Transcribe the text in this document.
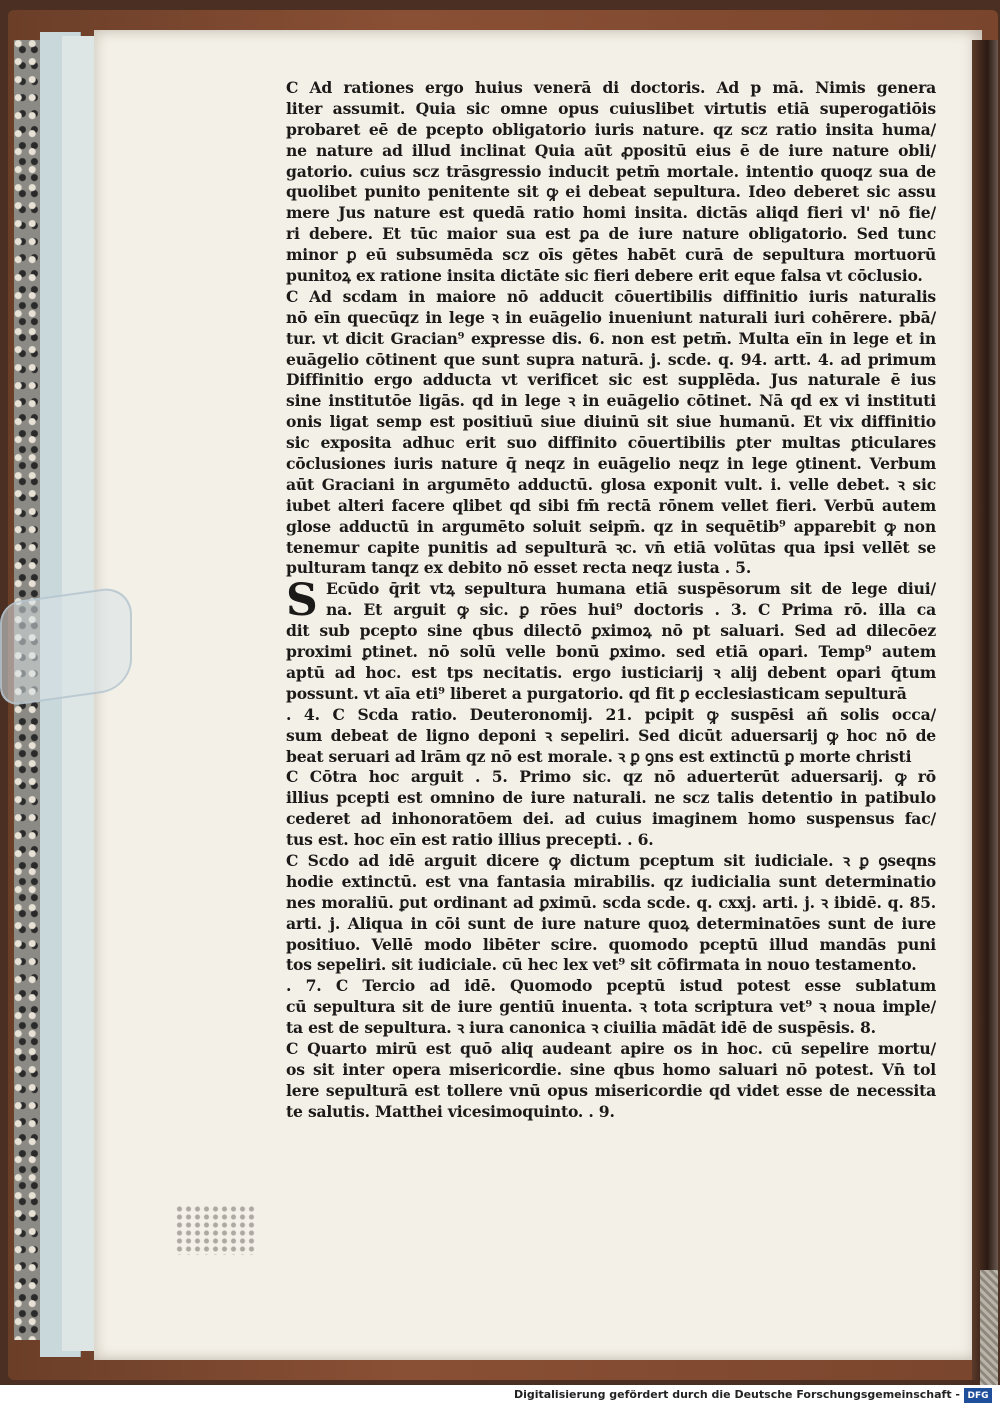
C Ad rationes ergo huius venerā di doctoris. Ad p mā. Nimis genera
liter assumit. Quia sic omne opus cuiuslibet virtutis etiā superogatiōis
probaret eē de pcepto obligatorio iuris nature. qz scz ratio insita huma/
ne nature ad illud inclinat Quia aūt ꝓpositū eius ē de iure nature obli/
gatorio. cuius scz trāsgressio inducit petm̄ mortale. intentio quoqz sua de
quolibet punito penitente sit ꝙ ei debeat sepultura. Ideo deberet sic assu
mere Jus nature est quedā ratio homi insita. dictās aliqd fieri vl' nō fie/
ri debere. Et tūc maior sua est ꝑa de iure nature obligatorio. Sed tunc
minor ꝑ eū subsumēda scz oīs gētes habēt curā de sepultura mortuorū
punitoꝝ ex ratione insita dictāte sic fieri debere erit eque falsa vt cōclusio.
C Ad scdam in maiore nō adducit cōuertibilis diffinitio iuris naturalis
nō eīn quecūqz in lege ꝛ in euāgelio inueniunt naturali iuri cohērere. pbā/
tur. vt dicit Gracian⁹ expresse dis. 6. non est petm̄. Multa eīn in lege et in
euāgelio cōtinent que sunt supra naturā. j. scde. q. 94. artt. 4. ad primum
Diffinitio ergo adducta vt verificet sic est supplēda. Jus naturale ē ius
sine institutōe ligās. qd in lege ꝛ in euāgelio cōtinet. Nā qd ex vi instituti
onis ligat semp est positiuū siue diuinū sit siue humanū. Et vix diffinitio
sic exposita adhuc erit suo diffinito cōuertibilis ꝑter multas ꝑticulares
cōclusiones iuris nature q̄ neqz in euāgelio neqz in lege ꝯtinent. Verbum
aūt Graciani in argumēto adductū. glosa exponit vult. i. velle debet. ꝛ sic
iubet alteri facere qlibet qd sibi fm̄ rectā rōnem vellet fieri. Verbū autem
glose adductū in argumēto soluit seipm̄. qz in sequētib⁹ apparebit ꝙ non
tenemur capite punitis ad sepulturā ꝛc. vn̄ etiā volūtas qua ipsi vellēt se
pulturam tanqz ex debito nō esset recta neqz iusta . 5.
S Ecūdo q̄rit vtꝝ sepultura humana etiā suspēsorum sit de lege diui/
na. Et arguit ꝙ sic. ꝑ rōes hui⁹ doctoris . 3. C Prima rō. illa ca
dit sub pcepto sine qbus dilectō ꝑximoꝝ nō pt saluari. Sed ad dilecōez
proximi ꝑtinet. nō solū velle bonū ꝑximo. sed etiā opari. Temp⁹ autem
aptū ad hoc. est tps necitatis. ergo iusticiarij ꝛ alij debent opari q̄tum
possunt. vt aīa eti⁹ liberet a purgatorio. qd fit ꝑ ecclesiasticam sepulturā
. 4. C Scda ratio. Deuteronomij. 21. pcipit ꝙ suspēsi añ solis occa/
sum debeat de ligno deponi ꝛ sepeliri. Sed dicūt aduersarij ꝙ hoc nō de
beat seruari ad lrām qz nō est morale. ꝛ ꝑ ꝯns est extinctū ꝑ morte christi
C Cōtra hoc arguit . 5. Primo sic. qz nō aduerterūt aduersarij. ꝙ rō
illius pcepti est omnino de iure naturali. ne scz talis detentio in patibulo
cederet ad inhonoratōem dei. ad cuius imaginem homo suspensus fac/
tus est. hoc eīn est ratio illius precepti. . 6.
C Scdo ad idē arguit dicere ꝙ dictum pceptum sit iudiciale. ꝛ ꝑ ꝯseqns
hodie extinctū. est vna fantasia mirabilis. qz iudicialia sunt determinatio
nes moraliū. ꝑut ordinant ad ꝑximū. scda scde. q. cxxj. arti. j. ꝛ ibidē. q. 85.
arti. j. Aliqua in cōi sunt de iure nature quoꝝ determinatōes sunt de iure
positiuo. Vellē modo libēter scire. quomodo pceptū illud mandās puni
tos sepeliri. sit iudiciale. cū hec lex vet⁹ sit cōfirmata in nouo testamento.
. 7. C Tercio ad idē. Quomodo pceptū istud potest esse sublatum
cū sepultura sit de iure gentiū inuenta. ꝛ tota scriptura vet⁹ ꝛ noua imple/
ta est de sepultura. ꝛ iura canonica ꝛ ciuilia mādāt idē de suspēsis. 8.
C Quarto mirū est quō aliq audeant apire os in hoc. cū sepelire mortu/
os sit inter opera misericordie. sine qbus homo saluari nō potest. Vn̄ tol
lere sepulturā est tollere vnū opus misericordie qd videt esse de necessita
te salutis. Matthei vicesimoquinto. . 9.
Digitalisierung gefördert durch die Deutsche Forschungsgemeinschaft - DFG
